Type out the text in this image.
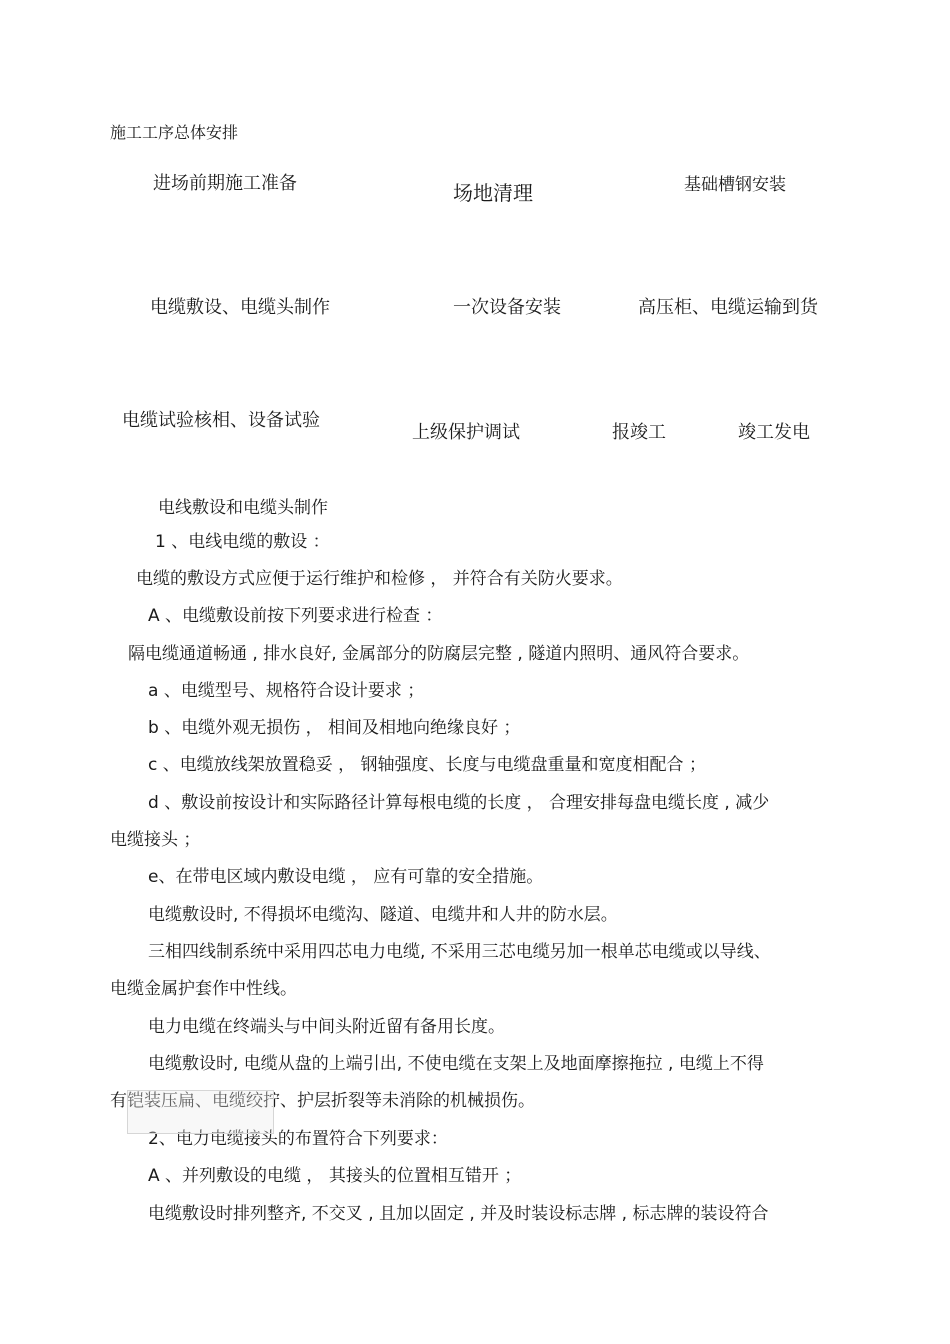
施工工序总体安排
进场前期施工准备	场地清理	基础槽钢安装
电缆敷设、电缆头制作	一次设备安装	高压柜、电缆运输到货
电缆试验核相、设备试验
上级保护调试	报竣工	竣工发电
电线敷设和电缆头制作
1 、电线电缆的敷设 ：
电缆的敷设方式应便于运行维护和检修 ， 并符合有关防火要求。
A 、电缆敷设前按下列要求进行检查 ：
隔电缆通道畅通 , 排水良好, 金属部分的防腐层完整 , 隧道内照明、通风符合要求。
a 、电缆型号、规格符合设计要求 ；
b 、电缆外观无损伤 ， 相间及相地向绝缘良好 ；
c 、电缆放线架放置稳妥 ， 钢轴强度、长度与电缆盘重量和宽度相配合 ；
d 、敷设前按设计和实际路径计算每根电缆的长度 ， 合理安排每盘电缆长度 , 减少
电缆接头 ；
e、在带电区域内敷设电缆 ， 应有可靠的安全措施。
电缆敷设时, 不得损坏电缆沟、隧道、电缆井和人井的防水层。
三相四线制系统中采用四芯电力电缆, 不采用三芯电缆另加一根单芯电缆或以导线、
电缆金属护套作中性线。
电力电缆在终端头与中间头附近留有备用长度。
电缆敷设时, 电缆从盘的上端引出, 不使电缆在支架上及地面摩擦拖拉 , 电缆上不得
有铠装压扁、电缆绞拧、护层折裂等未消除的机械损伤。
2、电力电缆接头的布置符合下列要求：
A 、并列敷设的电缆 ， 其接头的位置相互错开 ；
电缆敷设时排列整齐, 不交叉 , 且加以固定 , 并及时装设标志牌 , 标志牌的装设符合
